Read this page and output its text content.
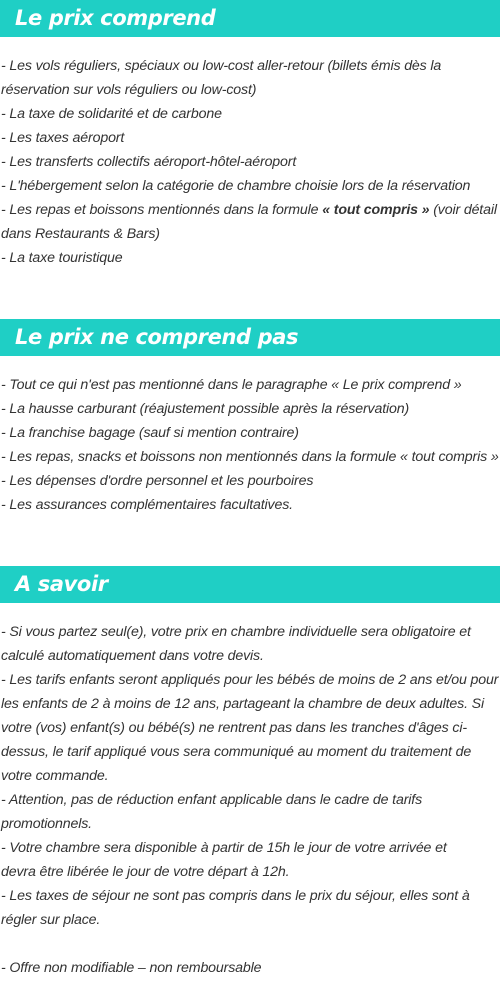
Le prix comprend
- Les vols réguliers, spéciaux ou low-cost aller-retour (billets émis dès la
réservation sur vols réguliers ou low-cost)
- La taxe de solidarité et de carbone
- Les taxes aéroport
- Les transferts collectifs aéroport-hôtel-aéroport
- L'hébergement selon la catégorie de chambre choisie lors de la réservation
- Les repas et boissons mentionnés dans la formule « tout compris » (voir détail
dans Restaurants & Bars)
- La taxe touristique
Le prix ne comprend pas
- Tout ce qui n'est pas mentionné dans le paragraphe « Le prix comprend »
- La hausse carburant (réajustement possible après la réservation)
- La franchise bagage (sauf si mention contraire)
- Les repas, snacks et boissons non mentionnés dans la formule « tout compris »
- Les dépenses d'ordre personnel et les pourboires
- Les assurances complémentaires facultatives.
A savoir
- Si vous partez seul(e), votre prix en chambre individuelle sera obligatoire et
calculé automatiquement dans votre devis.
- Les tarifs enfants seront appliqués pour les bébés de moins de 2 ans et/ou pour
les enfants de 2 à moins de 12 ans, partageant la chambre de deux adultes. Si
votre (vos) enfant(s) ou bébé(s) ne rentrent pas dans les tranches d'âges ci-
dessus, le tarif appliqué vous sera communiqué au moment du traitement de
votre commande.
- Attention, pas de réduction enfant applicable dans le cadre de tarifs
promotionnels.
- Votre chambre sera disponible à partir de 15h le jour de votre arrivée et
devra être libérée le jour de votre départ à 12h.
- Les taxes de séjour ne sont pas compris dans le prix du séjour, elles sont à
régler sur place.
- Offre non modifiable – non remboursable
